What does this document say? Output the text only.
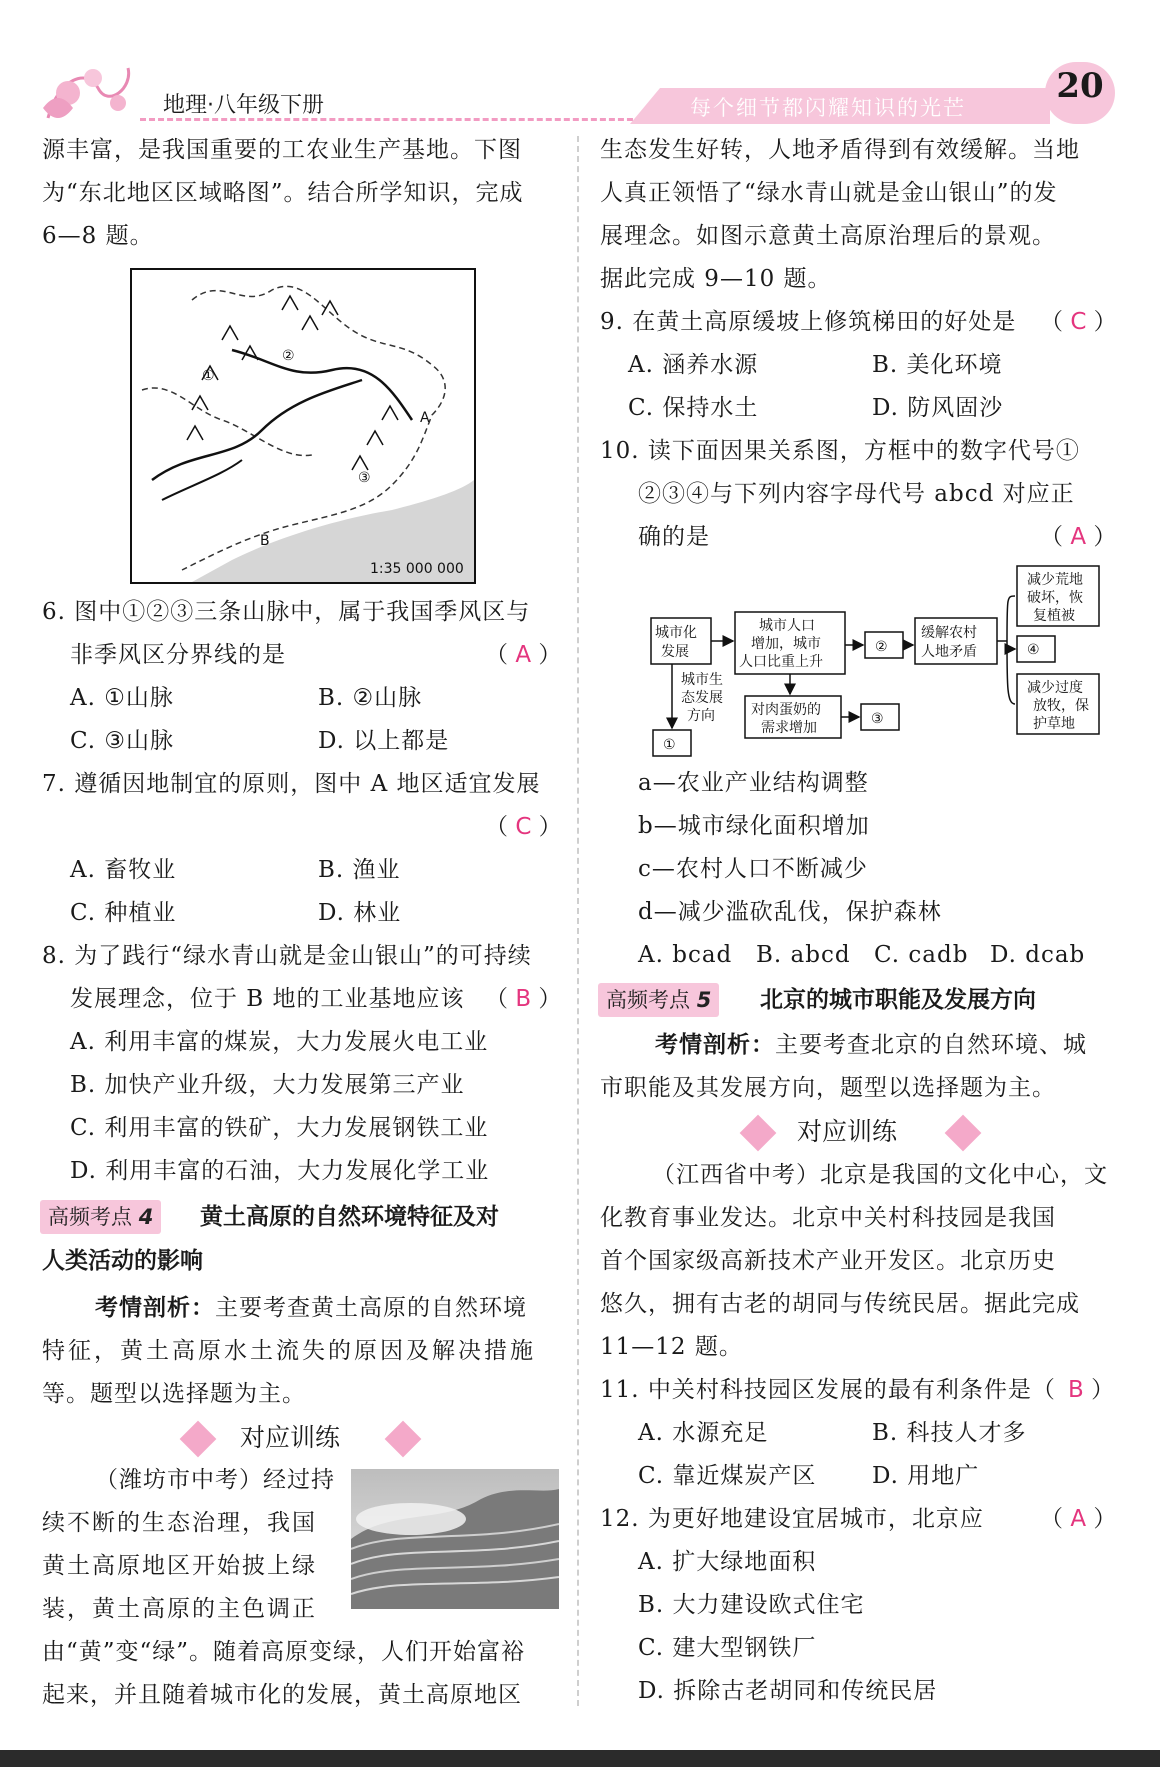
地理·八年级下册	每个细节都闪耀知识的光芒
20
源丰富，是我国重要的工农业生产基地。下图
为“东北地区区域略图”。结合所学知识，完成
6—8 题。
①
②
③
A
B
1:35 000 000
6. 图中①②③三条山脉中，属于我国季风区与
非季风区分界线的是	（ A ）
A. ①山脉	B. ②山脉
C. ③山脉	D. 以上都是
7. 遵循因地制宜的原则，图中 A 地区适宜发展
（ C ）
A. 畜牧业	B. 渔业
C. 种植业	D. 林业
8. 为了践行“绿水青山就是金山银山”的可持续
发展理念，位于 B 地的工业基地应该 （ B ）
A. 利用丰富的煤炭，大力发展火电工业
B. 加快产业升级，大力发展第三产业
C. 利用丰富的铁矿，大力发展钢铁工业
D. 利用丰富的石油，大力发展化学工业
高频考点 4	黄土高原的自然环境特征及对
人类活动的影响
考情剖析：主要考查黄土高原的自然环境
特征，黄土高原水土流失的原因及解决措施
等。题型以选择题为主。
对应训练
（潍坊市中考）经过持
续不断的生态治理，我国
黄土高原地区开始披上绿
装，黄土高原的主色调正
由“黄”变“绿”。随着高原变绿，人们开始富裕
起来，并且随着城市化的发展，黄土高原地区
生态发生好转，人地矛盾得到有效缓解。当地
人真正领悟了“绿水青山就是金山银山”的发
展理念。如图示意黄土高原治理后的景观。
据此完成 9—10 题。
9. 在黄土高原缓坡上修筑梯田的好处是 （ C ）
A. 涵养水源	B. 美化环境
C. 保持水土	D. 防风固沙
10. 读下面因果关系图，方框中的数字代号①
②③④与下列内容字母代号 abcd 对应正
确的是	（ A ）
城市化
发展
城市人口
增加，城市
人口比重上升
②
缓解农村
人地矛盾
减少荒地
破坏，恢
复植被
④
减少过度
放牧，保
护草地
城市生
态发展
方向	对肉蛋奶的
需求增加
③
①
a—农业产业结构调整
b—城市绿化面积增加
c—农村人口不断减少
d—减少滥砍乱伐，保护森林
A. bcad B. abcd C. cadb D. dcab
高频考点 5	北京的城市职能及发展方向
考情剖析：主要考查北京的自然环境、城
市职能及其发展方向，题型以选择题为主。
对应训练
（江西省中考）北京是我国的文化中心，文
化教育事业发达。北京中关村科技园是我国
首个国家级高新技术产业开发区。北京历史
悠久，拥有古老的胡同与传统民居。据此完成
11—12 题。
11. 中关村科技园区发展的最有利条件是（ B ）
A. 水源充足	B. 科技人才多
C. 靠近煤炭产区 D. 用地广
12. 为更好地建设宜居城市，北京应 （ A ）
A. 扩大绿地面积
B. 大力建设欧式住宅
C. 建大型钢铁厂
D. 拆除古老胡同和传统民居
